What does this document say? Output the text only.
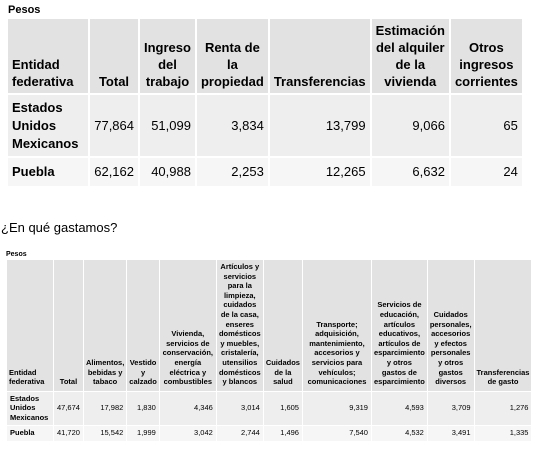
Pesos
Entidad federativa	Total	Ingreso del trabajo	Renta de la propiedad	Transferencias	Estimación del alquiler de la vivienda	Otros ingresos corrientes
Estados Unidos Mexicanos	77,864	51,099	3,834	13,799	9,066	65
Puebla	62,162	40,988	2,253	12,265	6,632	24
¿En qué gastamos?
Pesos
Entidad federativa	Total	Alimentos, bebidas y tabaco	Vestido y calzado	Vivienda, servicios de conservación, energía eléctrica y combustibles	Artículos y servicios para la limpieza, cuidados de la casa, enseres domésticos y muebles, cristalería, utensilios domésticos y blancos	Cuidados de la salud	Transporte; adquisición, mantenimiento, accesorios y servicios para vehículos; comunicaciones	Servicios de educación, artículos educativos, artículos de esparcimiento y otros gastos de esparcimiento	Cuidados personales, accesorios y efectos personales y otros gastos diversos	Transferencias de gasto
Estados Unidos Mexicanos	47,674	17,982	1,830	4,346	3,014	1,605	9,319	4,593	3,709	1,276
Puebla	41,720	15,542	1,999	3,042	2,744	1,496	7,540	4,532	3,491	1,335
